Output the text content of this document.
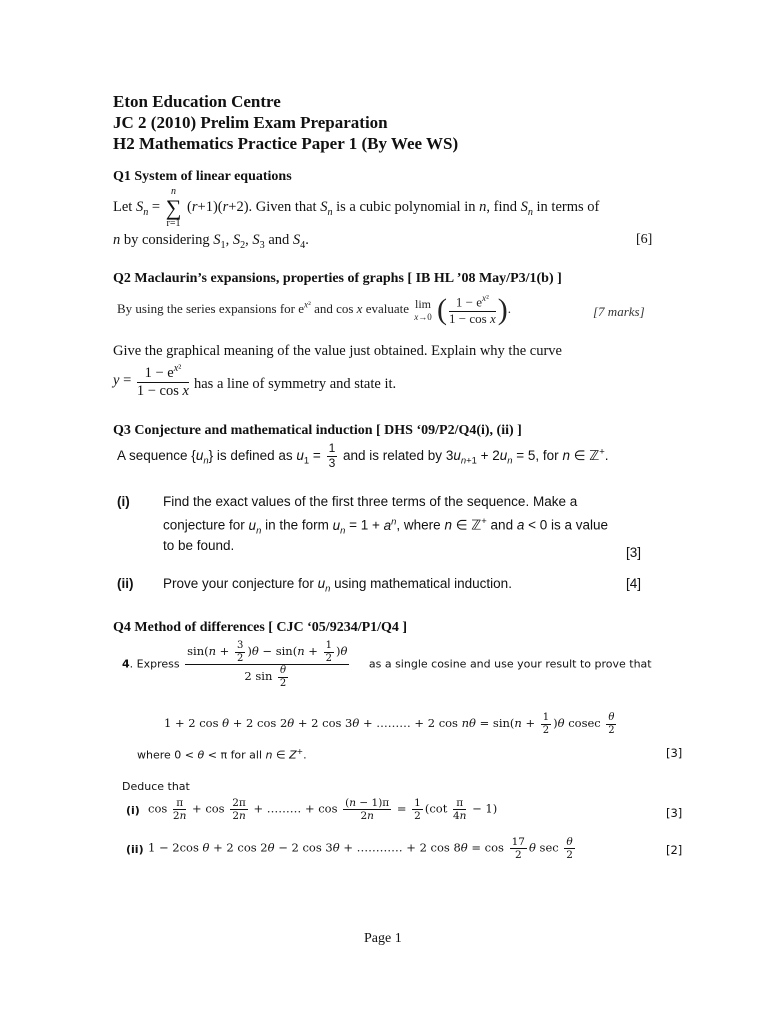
Eton Education Centre
JC 2 (2010) Prelim Exam Preparation
H2 Mathematics Practice Paper 1 (By Wee WS)
Q1 System of linear equations
Let $S_n$ =
n
∑
r=1
(r+1)(r+2). Given that $S_n$ is a cubic polynomial in n, find $S_n$ in terms of
n by considering $S_1$, $S_2$, $S_3$ and $S_4$.	[6]
Q2 Maclaurin’s expansions, properties of graphs [ IB HL ’08 May/P3/1(b) ]
By using the series expansions for $e^{x^2}$ and cos x evaluate lim
x→0 ( $\frac{1 - e^{x^2}}{\text{1 − cos x}}$ ).	[7 marks]
Give the graphical meaning of the value just obtained. Explain why the curve
$y = \frac{1 - e^{x^2}}{\text{1 − cos x}}$ has a line of symmetry and state it.
Q3 Conjecture and mathematical induction [ DHS ‘09/P2/Q4(i), (ii) ]
A sequence $\{u_n\}$ is defined as $u_1 = \frac{1}{3}$ and is related by $3u_{n+1} + 2u_n = 5$, for n ∈ ℤ+.
(i) Find the exact values of the first three terms of the sequence. Make a
conjecture for $u_n$ in the form $u_n = 1 + a^n$, where n ∈ ℤ+ and a < 0 is a value
to be found.	[3]
(ii) Prove your conjecture for $u_n$ using mathematical induction.	[4]
Q4 Method of differences [ CJC ‘05/9234/P1/Q4 ]
4. Express $\frac{\sin(n + \frac{3}{2} )\theta - \sin(n + \frac{1}{2} )\theta}{2 \sin \frac{\theta}{2}}$ as a single cosine and use your result to prove that
1 + 2 cos θ + 2 cos 2θ + 2 cos 3θ + ……… + 2 $\cos n\theta = \sin(n + \frac{1}{2} )\theta$ cosec $\frac{\theta}{2}$
where 0 < θ < π for all n ∈ Z+.	[3]
Deduce that
(i) $\cos \frac{\pi}{2n} + \cos \frac{2\pi}{2n}$ + ……… + $\cos \frac{(n - 1)\pi}{2n} = \frac{1}{2} (\cot \frac{\pi}{4n} - 1)$	[3]
(ii) 1 − 2cos θ + 2 cos 2θ − 2 cos 3θ + ………… + 2 $\cos 8\theta = \cos \frac{17}{2}$ θ $\sec \frac{\theta}{2}$	[2]
Page 1
